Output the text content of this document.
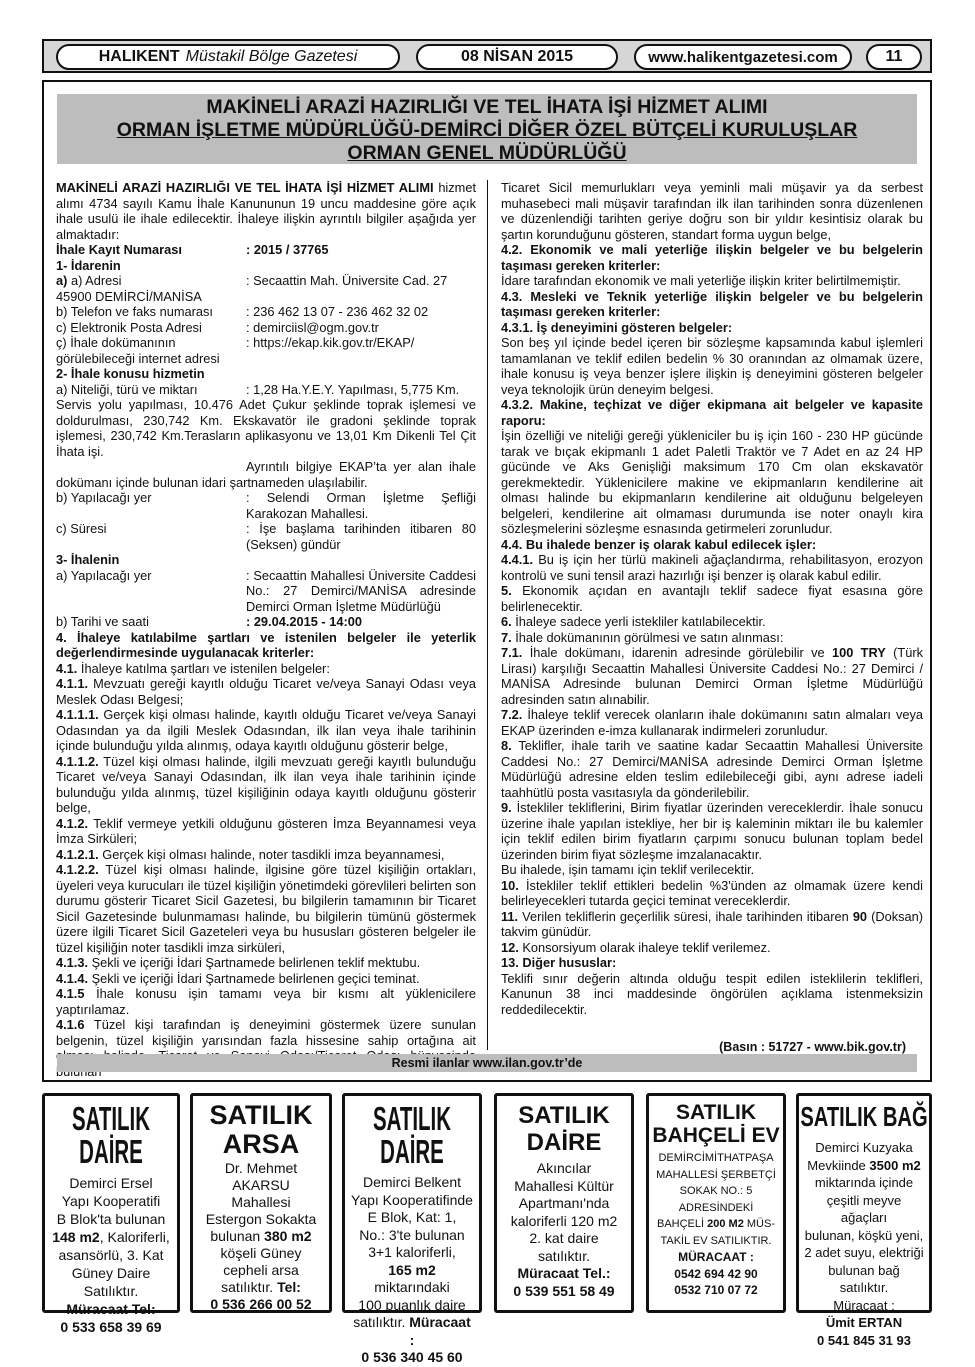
HALIKENT Müstakil Bölge Gazetesi	08 NİSAN 2015	www.halikentgazetesi.com	11
MAKİNELİ ARAZİ HAZIRLIĞI VE TEL İHATA İŞİ HİZMET ALIMI
ORMAN İŞLETME MÜDÜRLÜĞÜ-DEMİRCİ DİĞER ÖZEL BÜTÇELİ KURULUŞLAR
ORMAN GENEL MÜDÜRLÜĞÜ

MAKİNELİ ARAZİ HAZIRLIĞI VE TEL İHATA İŞİ HİZMET ALIMI hizmet alımı 4734 sayılı Kamu İhale Kanununun 19 uncu maddesine göre açık ihale usulü ile ihale edilecektir. İhaleye ilişkin ayrıntılı bilgiler aşağıda yer almaktadır:

İhale Kayıt Numarası	: 2015 / 37765

1- İdarenin

a) a) Adresi	: Secaattin Mah. Üniversite Cad. 27

45900 DEMİRCİ/MANİSA

b) Telefon ve faks numarası	: 236 462 13 07 - 236 462 32 02
c) Elektronik Posta Adresi	: demirciisl@ogm.gov.tr
ç) İhale dokümanının	: https://ekap.kik.gov.tr/EKAP/

görülebileceği internet adresi

2- İhale konusu hizmetin

a) Niteliği, türü ve miktarı	: 1,28 Ha.Y.E.Y. Yapılması, 5,775 Km.

Servis yolu yapılması, 10.476 Adet Çukur şeklinde toprak işlemesi ve doldurulması, 230,742 Km. Ekskavatör ile gradoni şeklinde toprak işlemesi, 230,742 Km.Terasların aplikasyonu ve 13,01 Km Dikenli Tel Çit İhata işi.

Ayrıntılı bilgiye EKAP’ta yer alan ihale dokümanı içinde bulunan idari şartnameden ulaşılabilir.

b) Yapılacağı yer	: Selendi Orman İşletme Şefliği Karakozan Mahallesi.
c) Süresi	: İşe başlama tarihinden itibaren 80 (Seksen) gündür

3- İhalenin

a) Yapılacağı yer	: Secaattin Mahallesi Üniversite Caddesi No.: 27 Demirci/MANİSA adresinde Demirci Orman İşletme Müdürlüğü
b) Tarihi ve saati	: 29.04.2015 - 14:00

4. İhaleye katılabilme şartları ve istenilen belgeler ile yeterlik değerlendirmesinde uygulanacak kriterler:

4.1. İhaleye katılma şartları ve istenilen belgeler:

4.1.1. Mevzuatı gereği kayıtlı olduğu Ticaret ve/veya Sanayi Odası veya Meslek Odası Belgesi;

4.1.1.1. Gerçek kişi olması halinde, kayıtlı olduğu Ticaret ve/veya Sanayi Odasından ya da ilgili Meslek Odasından, ilk ilan veya ihale tarihinin içinde bulunduğu yılda alınmış, odaya kayıtlı olduğunu gösterir belge,

4.1.1.2. Tüzel kişi olması halinde, ilgili mevzuatı gereği kayıtlı bulunduğu Ticaret ve/veya Sanayi Odasından, ilk ilan veya ihale tarihinin içinde bulunduğu yılda alınmış, tüzel kişiliğinin odaya kayıtlı olduğunu gösterir belge,

4.1.2. Teklif vermeye yetkili olduğunu gösteren İmza Beyannamesi veya İmza Sirküleri;

4.1.2.1. Gerçek kişi olması halinde, noter tasdikli imza beyannamesi,

4.1.2.2. Tüzel kişi olması halinde, ilgisine göre tüzel kişiliğin ortakları, üyeleri veya kurucuları ile tüzel kişiliğin yönetimdeki görevlileri belirten son durumu gösterir Ticaret Sicil Gazetesi, bu bilgilerin tamamının bir Ticaret Sicil Gazetesinde bulunmaması halinde, bu bilgilerin tümünü göstermek üzere ilgili Ticaret Sicil Gazeteleri veya bu hususları gösteren belgeler ile tüzel kişiliğin noter tasdikli imza sirküleri,

4.1.3. Şekli ve içeriği İdari Şartnamede belirlenen teklif mektubu.

4.1.4. Şekli ve içeriği İdari Şartnamede belirlenen geçici teminat.

4.1.5 İhale konusu işin tamamı veya bir kısmı alt yüklenicilere yaptırılamaz.

4.1.6 Tüzel kişi tarafından iş deneyimini göstermek üzere sunulan belgenin, tüzel kişiliğin yarısından fazla hissesine sahip ortağına ait

Ticaret Sicil memurlukları veya yeminli mali müşavir ya da serbest muhasebeci mali müşavir tarafından ilk ilan tarihinden sonra düzenlenen ve düzenlendiği tarihten geriye doğru son bir yıldır kesintisiz olarak bu şartın korunduğunu gösteren, standart forma uygun belge,

4.2. Ekonomik ve mali yeterliğe ilişkin belgeler ve bu belgelerin taşıması gereken kriterler:

İdare tarafından ekonomik ve mali yeterliğe ilişkin kriter belirtilmemiştir.

4.3. Mesleki ve Teknik yeterliğe ilişkin belgeler ve bu belgelerin taşıması gereken kriterler:

4.3.1. İş deneyimini gösteren belgeler:

Son beş yıl içinde bedel içeren bir sözleşme kapsamında kabul işlemleri tamamlanan ve teklif edilen bedelin % 30 oranından az olmamak üzere, ihale konusu iş veya benzer işlere ilişkin iş deneyimini gösteren belgeler veya teknolojik ürün deneyim belgesi.

4.3.2. Makine, teçhizat ve diğer ekipmana ait belgeler ve kapasite raporu:

İşin özelliği ve niteliği gereği yükleniciler bu iş için 160 - 230 HP gücünde tarak ve bıçak ekipmanlı 1 adet Paletli Traktör ve 7 Adet en az 24 HP gücünde ve Aks Genişliği maksimum 170 Cm olan ekskavatör gerekmektedir. Yüklenicilere makine ve ekipmanların kendilerine ait olması halinde bu ekipmanların kendilerine ait olduğunu belgeleyen belgeleri, kendilerine ait olmaması durumunda ise noter onaylı kira sözleşmelerini sözleşme esnasında getirmeleri zorunludur.

4.4. Bu ihalede benzer iş olarak kabul edilecek işler:

4.4.1. Bu iş için her türlü makineli ağaçlandırma, rehabilitasyon, erozyon kontrolü ve suni tensil arazi hazırlığı işi benzer iş olarak kabul edilir.

5. Ekonomik açıdan en avantajlı teklif sadece fiyat esasına göre belirlenecektir.

6. İhaleye sadece yerli istekliler katılabilecektir.

7. İhale dokümanının görülmesi ve satın alınması:

7.1. İhale dokümanı, idarenin adresinde görülebilir ve 100 TRY (Türk Lirası) karşılığı Secaattin Mahallesi Üniversite Caddesi No.: 27 Demirci / MANİSA Adresinde bulunan Demirci Orman İşletme Müdürlüğü adresinden satın alınabilir.

7.2. İhaleye teklif verecek olanların ihale dokümanını satın almaları veya EKAP üzerinden e-imza kullanarak indirmeleri zorunludur.

8. Teklifler, ihale tarih ve saatine kadar Secaattin Mahallesi Üniversite Caddesi No.: 27 Demirci/MANİSA adresinde Demirci Orman İşletme Müdürlüğü adresine elden teslim edilebileceği gibi, aynı adrese iadeli taahhütlü posta vasıtasıyla da gönderilebilir.

9. İstekliler tekliflerini, Birim fiyatlar üzerinden vereceklerdir. İhale sonucu üzerine ihale yapılan istekliye, her bir iş kaleminin miktarı ile bu kalemler için teklif edilen birim fiyatların çarpımı sonucu bulunan toplam bedel üzerinden birim fiyat sözleşme imzalanacaktır.

Bu ihalede, işin tamamı için teklif verilecektir.

10. İstekliler teklif ettikleri bedelin %3'ünden az olmamak üzere kendi belirleyecekleri tutarda geçici teminat vereceklerdir.

11. Verilen tekliflerin geçerlilik süresi, ihale tarihinden itibaren 90 (Doksan) takvim günüdür.

12. Konsorsiyum olarak ihaleye teklif verilemez.

13. Diğer hususlar:

Teklifi sınır değerin altında olduğu tespit edilen isteklilerin teklifleri, Kanunun 38 inci maddesinde öngörülen açıklama istenmeksizin reddedilecektir.

(Basın : 51727 - www.bik.gov.tr)
Resmi ilanlar www.ilan.gov.tr’de
SATILIK DAİRE
Demirci Ersel
Yapı Kooperatifi
B Blok'ta bulunan
148 m2, Kaloriferli,
asansörlü, 3. Kat
Güney Daire
Satılıktır.
Müracaat Tel:
0 533 658 39 69
SATILIK ARSA
Dr. Mehmet
AKARSU
Mahallesi
Estergon Sokakta
bulunan 380 m2
köşeli Güney
cepheli arsa
satılıktır. Tel:
0 536 266 00 52
SATILIK DAİRE
Demirci Belkent
Yapı Kooperatifinde
E Blok, Kat: 1,
No.: 3'te bulunan
3+1 kaloriferli,
165 m2 miktarındaki
100 puanlık daire
satılıktır. Müracaat :
0 536 340 45 60
SATILIK DAİRE
Akıncılar
Mahallesi Kültür
Apartmanı'nda
kaloriferli 120 m2
2. kat daire
satılıktır.
Müracaat Tel.:
0 539 551 58 49
SATILIK BAHÇELİ EV
DEMİRCİMİTHATPAŞA
MAHALLESİ ŞERBETÇİ
SOKAK NO.: 5
ADRESİNDEKİ
BAHÇELİ 200 M2 MÜS-
TAKİL EV SATILIKTIR.
MÜRACAAT :
0542 694 42 90
0532 710 07 72
SATILIK BAĞ
Demirci Kuzyaka
Mevkiinde 3500 m2
miktarında içinde
çeşitli meyve ağaçları
bulunan, köşkü yeni,
2 adet suyu, elektriği
bulunan bağ satılıktır.
Müracaat :
Ümit ERTAN
0 541 845 31 93
